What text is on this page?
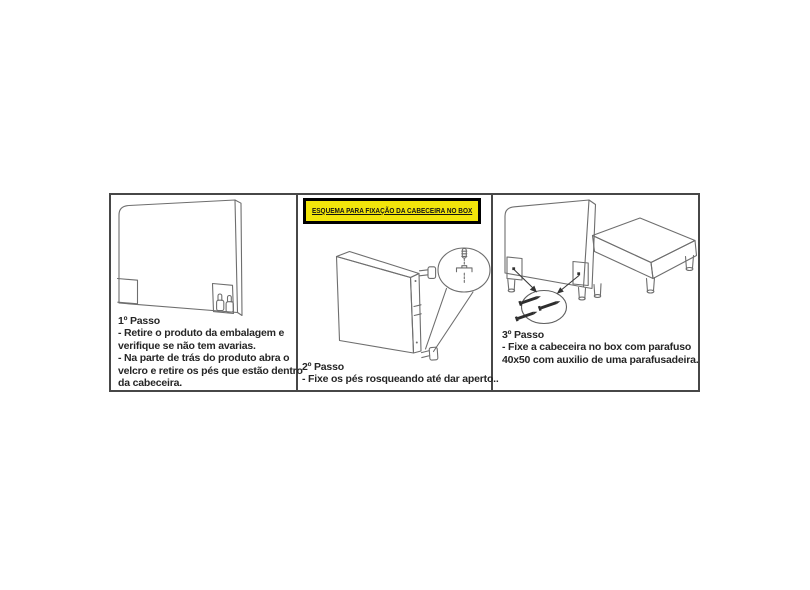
1º Passo
- Retire o produto da embalagem e
verifique se não tem avarias.
- Na parte de trás do produto abra o
velcro e retire os pés que estão dentro
da cabeceira.
ESQUEMA PARA FIXAÇÃO DA CABECEIRA NO BOX
2º Passo
- Fixe os pés rosqueando até dar aperto..
3º Passo
- Fixe a cabeceira no box com parafuso
40x50 com auxilio de uma parafusadeira.
